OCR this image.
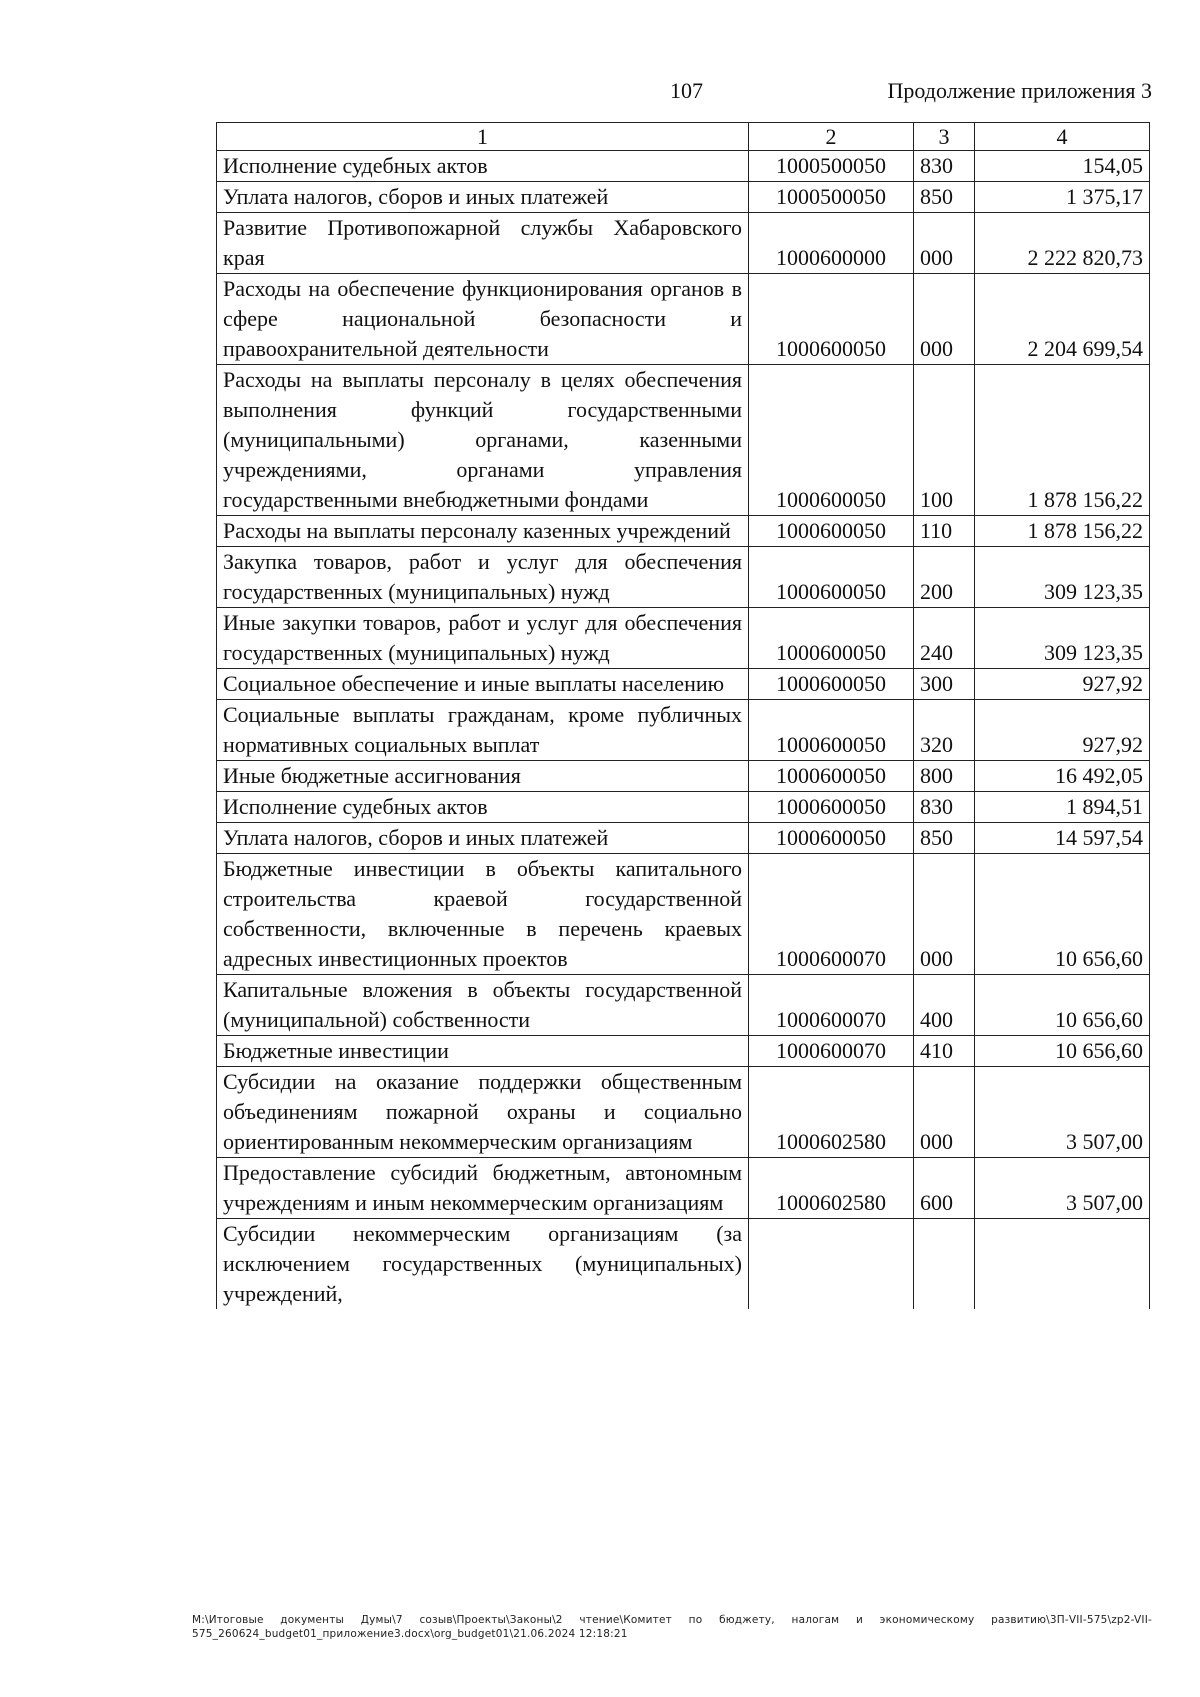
107	Продолжение приложения 3
1	2	3	4
Исполнение судебных актов	1000500050	830	154,05
Уплата налогов, сборов и иных платежей	1000500050	850	1 375,17
Развитие Противопожарной службы Хабаровского края	1000600000	000	2 222 820,73
Расходы на обеспечение функционирования органов в сфере национальной безопасности и правоохранительной деятельности	1000600050	000	2 204 699,54
Расходы на выплаты персоналу в целях обеспечения выполнения функций государственными (муниципальными) органами, казенными учреждениями, органами управления государственными внебюджетными фондами	1000600050	100	1 878 156,22
Расходы на выплаты персоналу казенных учреждений	1000600050	110	1 878 156,22
Закупка товаров, работ и услуг для обеспечения государственных (муниципальных) нужд	1000600050	200	309 123,35
Иные закупки товаров, работ и услуг для обеспечения государственных (муниципальных) нужд	1000600050	240	309 123,35
Социальное обеспечение и иные выплаты населению	1000600050	300	927,92
Социальные выплаты гражданам, кроме публичных нормативных социальных выплат	1000600050	320	927,92
Иные бюджетные ассигнования	1000600050	800	16 492,05
Исполнение судебных актов	1000600050	830	1 894,51
Уплата налогов, сборов и иных платежей	1000600050	850	14 597,54
Бюджетные инвестиции в объекты капитального строительства краевой государственной собственности, включенные в перечень краевых адресных инвестиционных проектов	1000600070	000	10 656,60
Капитальные вложения в объекты государственной (муниципальной) собственности	1000600070	400	10 656,60
Бюджетные инвестиции	1000600070	410	10 656,60
Субсидии на оказание поддержки общественным объединениям пожарной охраны и социально ориентированным некоммерческим организациям	1000602580	000	3 507,00
Предоставление субсидий бюджетным, автономным учреждениям и иным некоммерческим организациям	1000602580	600	3 507,00
Субсидии некоммерческим организациям (за исключением государственных (муниципальных) учреждений,			
M:\Итоговые документы Думы\7 созыв\Проекты\Законы\2 чтение\Комитет по бюджету, налогам и экономическому развитию\3П-VII-575\zp2-VII-575_260624_budget01_приложение3.docx\org_budget01\21.06.2024 12:18:21
